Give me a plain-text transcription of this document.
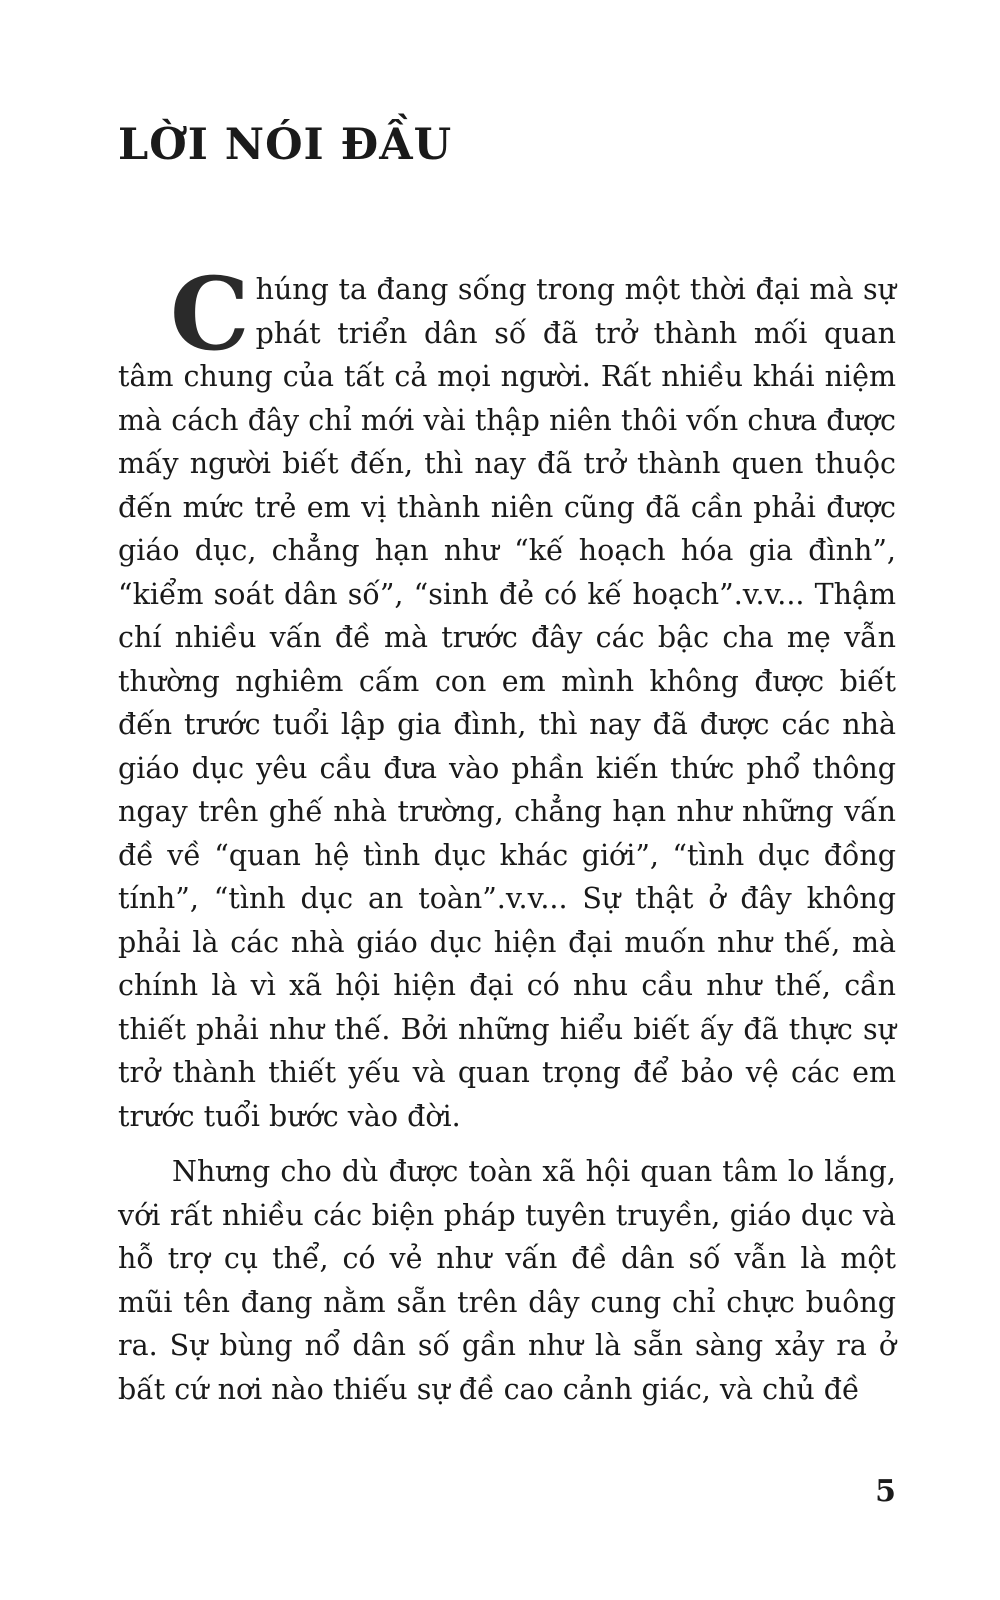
LỜI NÓI ĐẦU

Chúng ta đang sống trong một thời đại mà sự phát triển dân số đã trở thành mối quan tâm chung của tất cả mọi người. Rất nhiều khái niệm mà cách đây chỉ mới vài thập niên thôi vốn chưa được mấy người biết đến, thì nay đã trở thành quen thuộc đến mức trẻ em vị thành niên cũng đã cần phải được giáo dục, chẳng hạn như “kế hoạch hóa gia đình”, “kiểm soát dân số”, “sinh đẻ có kế hoạch”.v.v... Thậm chí nhiều vấn đề mà trước đây các bậc cha mẹ vẫn thường nghiêm cấm con em mình không được biết đến trước tuổi lập gia đình, thì nay đã được các nhà giáo dục yêu cầu đưa vào phần kiến thức phổ thông ngay trên ghế nhà trường, chẳng hạn như những vấn đề về “quan hệ tình dục khác giới”, “tình dục đồng tính”, “tình dục an toàn”.v.v... Sự thật ở đây không phải là các nhà giáo dục hiện đại muốn như thế, mà chính là vì xã hội hiện đại có nhu cầu như thế, cần thiết phải như thế. Bởi những hiểu biết ấy đã thực sự trở thành thiết yếu và quan trọng để bảo vệ các em trước tuổi bước vào đời.

Nhưng cho dù được toàn xã hội quan tâm lo lắng, với rất nhiều các biện pháp tuyên truyền, giáo dục và hỗ trợ cụ thể, có vẻ như vấn đề dân số vẫn là một mũi tên đang nằm sẵn trên dây cung chỉ chực buông ra. Sự bùng nổ dân số gần như là sẵn sàng xảy ra ở bất cứ nơi nào thiếu sự đề cao cảnh giác, và chủ đề

5
